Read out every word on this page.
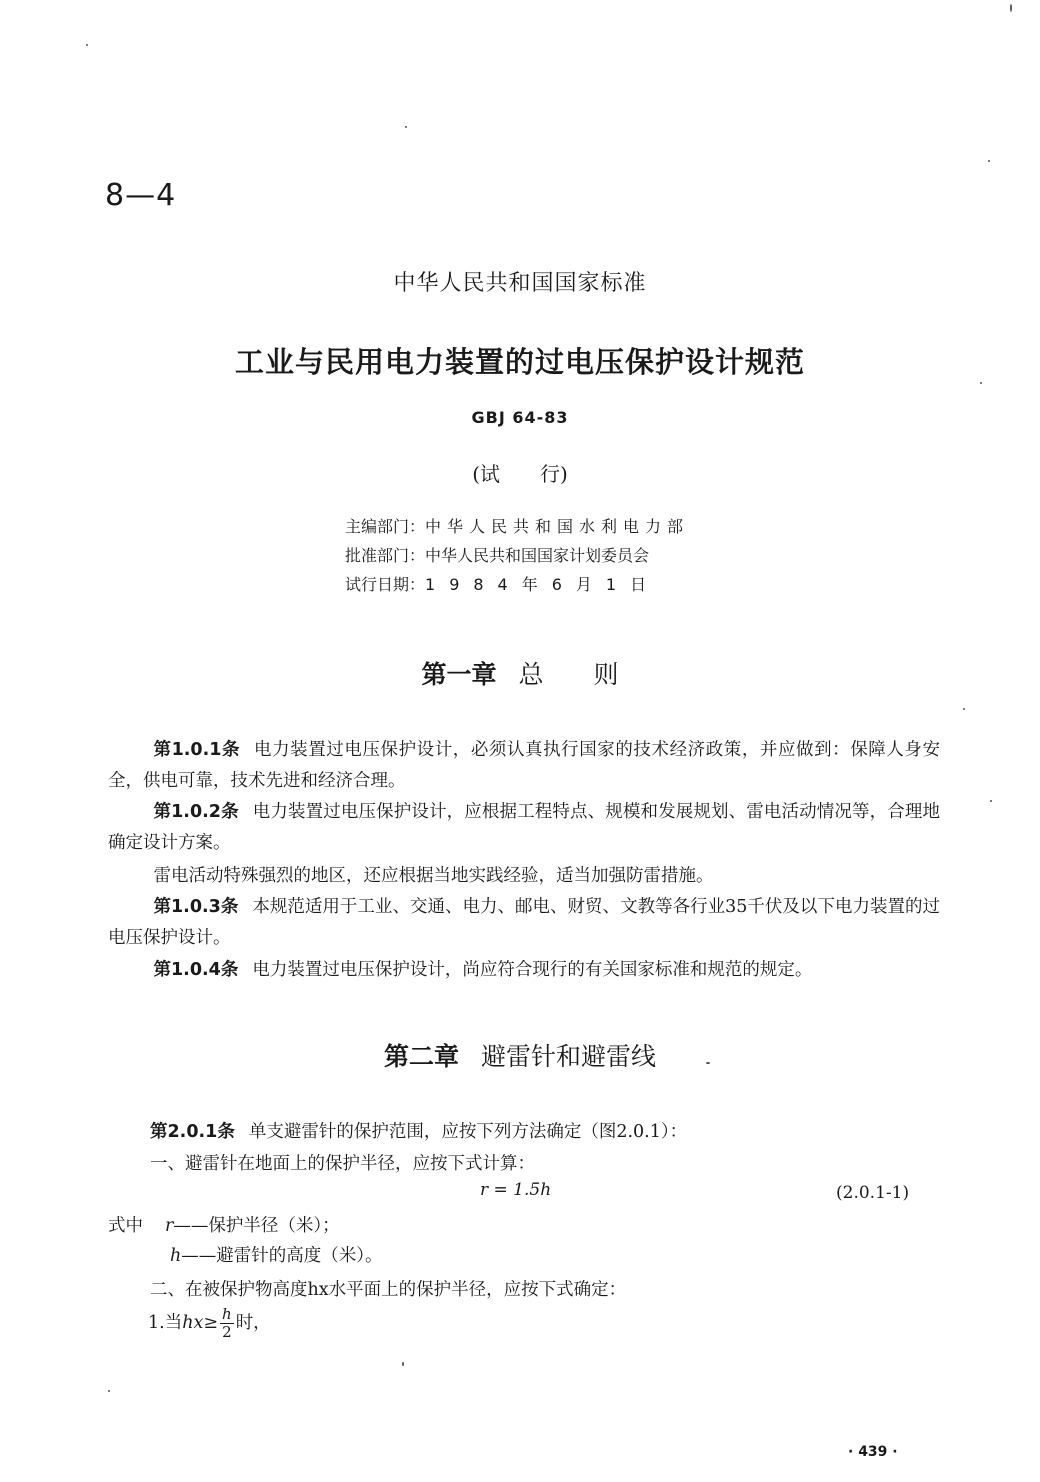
8—4
中华人民共和国国家标准
工业与民用电力装置的过电压保护设计规范
GBJ 64-83
(试　　行)
主编部门：中华人民共和国水利电力部
批准部门：中华人民共和国国家计划委员会
试行日期：1984年6月1日
第一章 总　　则
第1.0.1条 电力装置过电压保护设计，必须认真执行国家的技术经济政策，并应做到：保障人身安全，供电可靠，技术先进和经济合理。
第1.0.2条 电力装置过电压保护设计，应根据工程特点、规模和发展规划、雷电活动情况等，合理地确定设计方案。
雷电活动特殊强烈的地区，还应根据当地实践经验，适当加强防雷措施。
第1.0.3条 本规范适用于工业、交通、电力、邮电、财贸、文教等各行业35千伏及以下电力装置的过电压保护设计。
第1.0.4条 电力装置过电压保护设计，尚应符合现行的有关国家标准和规范的规定。
第二章 避雷针和避雷线
第2.0.1条 单支避雷针的保护范围，应按下列方法确定（图2.0.1）：
一、避雷针在地面上的保护半径，应按下式计算：
r = 1.5h	(2.0.1-1)
式中 r——保护半径（米）；
h——避雷针的高度（米）。
二、在被保护物高度hx水平面上的保护半径，应按下式确定：
1.当$hx\ge \frac{h}{2}$ 时，
· 439 ·
